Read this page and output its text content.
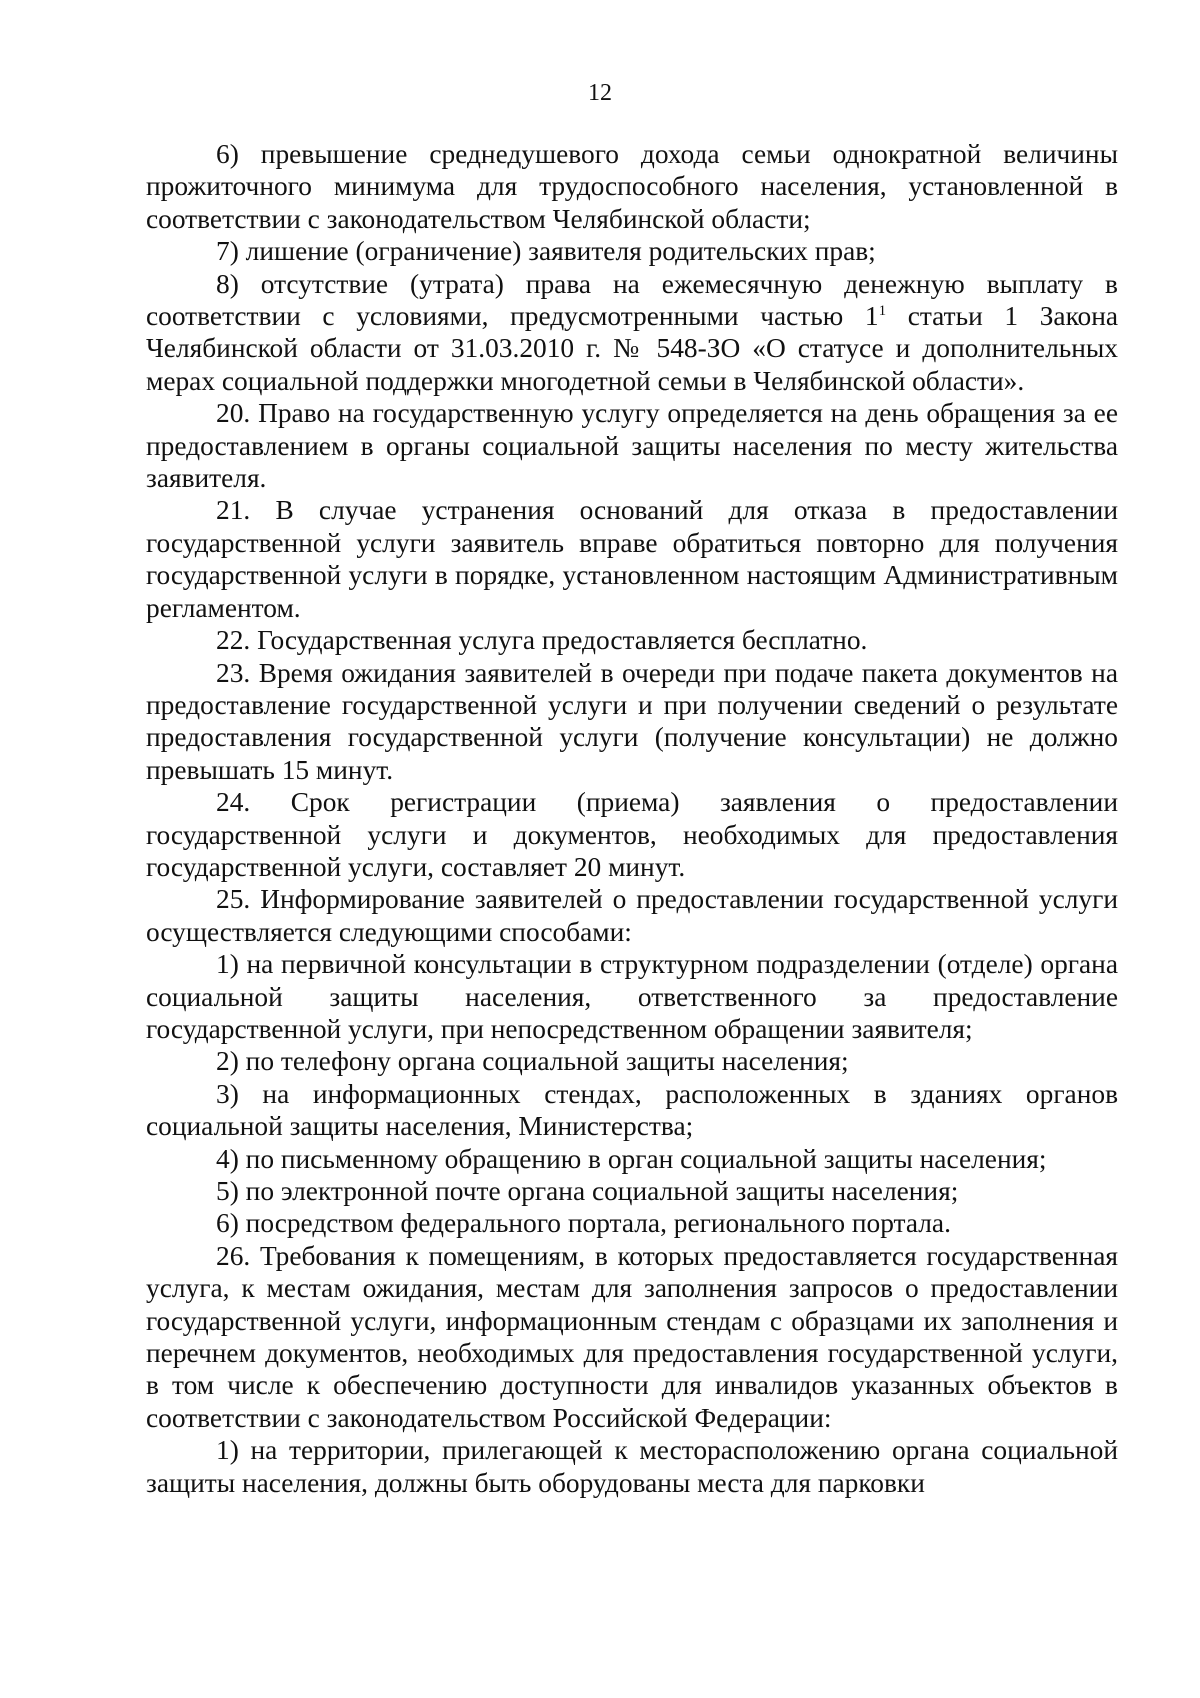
12

6) превышение среднедушевого дохода семьи однократной величины прожиточного минимума для трудоспособного населения, установленной в соответствии с законодательством Челябинской области;

7) лишение (ограничение) заявителя родительских прав;

8) отсутствие (утрата) права на ежемесячную денежную выплату в соответствии с условиями, предусмотренными частью $1^1$ статьи 1 Закона Челябинской области от 31.03.2010 г. № 548-ЗО «О статусе и дополнительных мерах социальной поддержки многодетной семьи в Челябинской области».

20. Право на государственную услугу определяется на день обращения за ее предоставлением в органы социальной защиты населения по месту жительства заявителя.

21. В случае устранения оснований для отказа в предоставлении государственной услуги заявитель вправе обратиться повторно для получения государственной услуги в порядке, установленном настоящим Административным регламентом.

22. Государственная услуга предоставляется бесплатно.

23. Время ожидания заявителей в очереди при подаче пакета документов на предоставление государственной услуги и при получении сведений о результате предоставления государственной услуги (получение консультации) не должно превышать 15 минут.

24. Срок регистрации (приема) заявления о предоставлении государственной услуги и документов, необходимых для предоставления государственной услуги, составляет 20 минут.

25. Информирование заявителей о предоставлении государственной услуги осуществляется следующими способами:

1) на первичной консультации в структурном подразделении (отделе) органа социальной защиты населения, ответственного за предоставление государственной услуги, при непосредственном обращении заявителя;

2) по телефону органа социальной защиты населения;

3) на информационных стендах, расположенных в зданиях органов социальной защиты населения, Министерства;

4) по письменному обращению в орган социальной защиты населения;

5) по электронной почте органа социальной защиты населения;

6) посредством федерального портала, регионального портала.

26. Требования к помещениям, в которых предоставляется государственная услуга, к местам ожидания, местам для заполнения запросов о предоставлении государственной услуги, информационным стендам с образцами их заполнения и перечнем документов, необходимых для предоставления государственной услуги, в том числе к обеспечению доступности для инвалидов указанных объектов в соответствии с законодательством Российской Федерации:

1) на территории, прилегающей к месторасположению органа социальной защиты населения, должны быть оборудованы места для парковки
